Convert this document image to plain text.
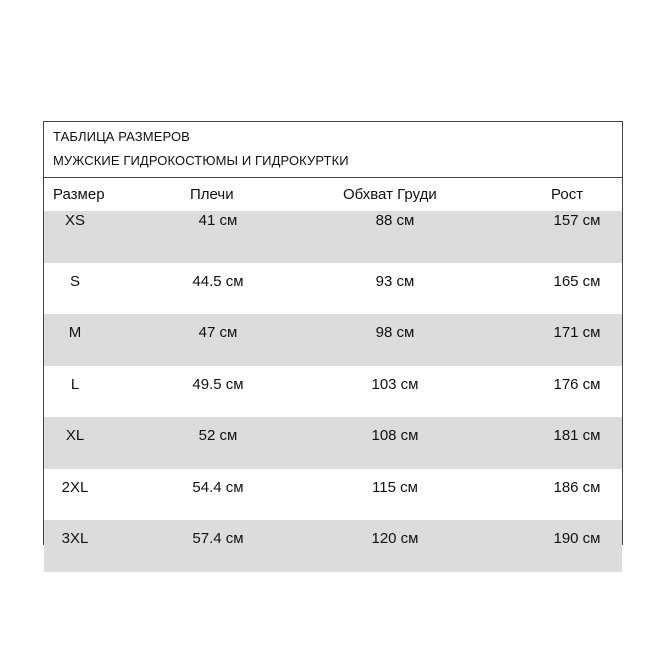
ТАБЛИЦА РАЗМЕРОВ
МУЖСКИЕ ГИДРОКОСТЮМЫ И ГИДРОКУРТКИ
Размер	Плечи	Обхват Груди	Рост
XS	41 см	88 см	157 см
S	44.5 см	93 см	165 см
M	47 см	98 см	171 см
L	49.5 см	103 см	176 см
XL	52 см	108 см	181 см
2XL	54.4 см	115 см	186 см
3XL	57.4 см	120 см	190 см
